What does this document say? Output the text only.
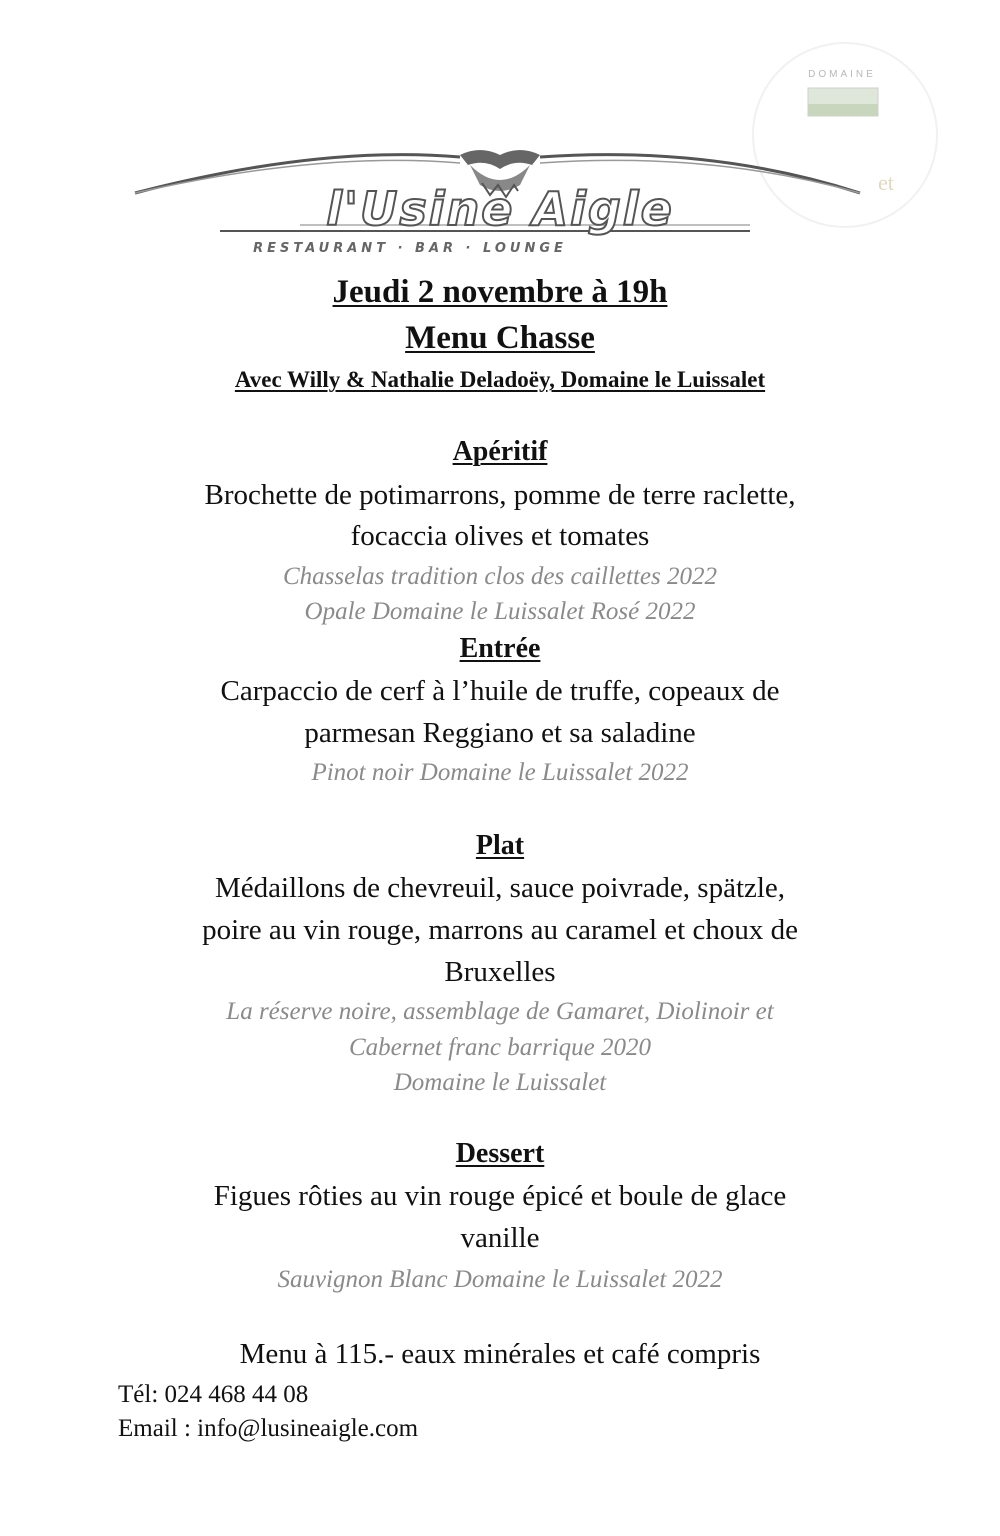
DOMAINE
et
l'Usine Aigle
RESTAURANT · BAR · LOUNGE
Jeudi 2 novembre à 19h
Menu Chasse
Avec Willy & Nathalie Deladoëy, Domaine le Luissalet
Apéritif
Brochette de potimarrons, pomme de terre raclette,
focaccia olives et tomates
Chasselas tradition clos des caillettes 2022
Opale Domaine le Luissalet Rosé 2022
Entrée
Carpaccio de cerf à l’huile de truffe, copeaux de
parmesan Reggiano et sa saladine
Pinot noir Domaine le Luissalet 2022
Plat
Médaillons de chevreuil, sauce poivrade, spätzle,
poire au vin rouge, marrons au caramel et choux de
Bruxelles
La réserve noire, assemblage de Gamaret, Diolinoir et
Cabernet franc barrique 2020
Domaine le Luissalet
Dessert
Figues rôties au vin rouge épicé et boule de glace
vanille
Sauvignon Blanc Domaine le Luissalet 2022
Menu à 115.- eaux minérales et café compris
Tél: 024 468 44 08
Email : info@lusineaigle.com
